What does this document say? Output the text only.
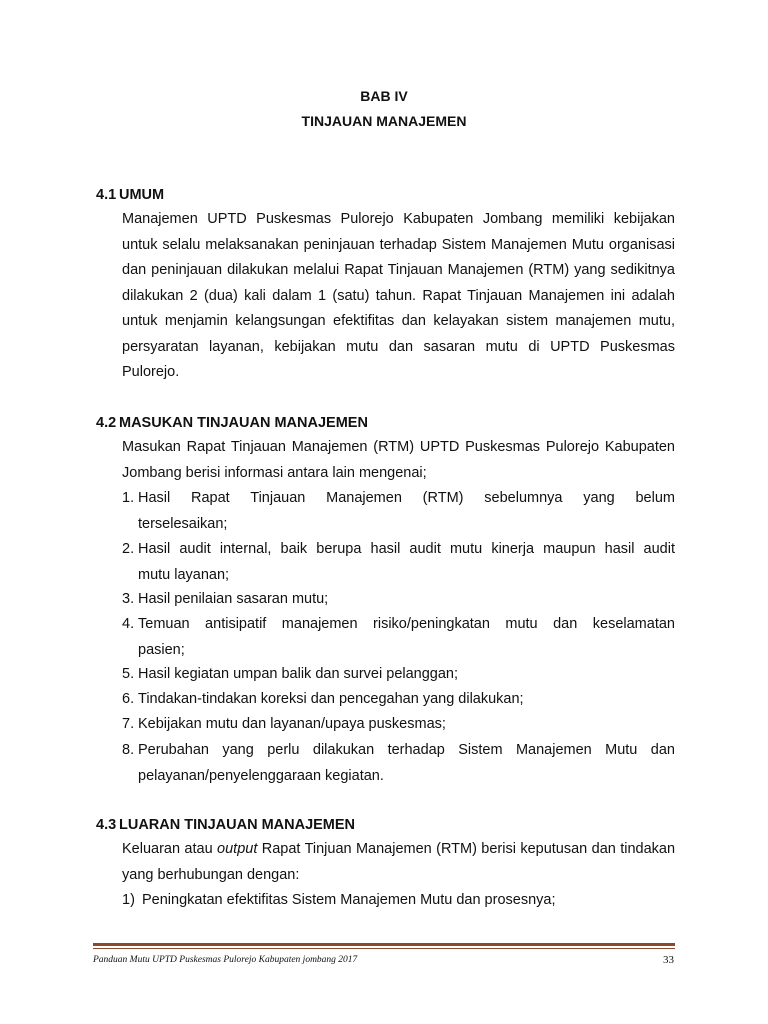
BAB IV
TINJAUAN MANAJEMEN
4.1 UMUM
Manajemen UPTD Puskesmas Pulorejo Kabupaten Jombang memiliki kebijakan untuk selalu melaksanakan peninjauan terhadap Sistem Manajemen Mutu organisasi dan peninjauan dilakukan melalui Rapat Tinjauan Manajemen (RTM) yang sedikitnya dilakukan 2 (dua) kali dalam 1 (satu) tahun. Rapat Tinjauan Manajemen ini adalah untuk menjamin kelangsungan efektifitas dan kelayakan sistem manajemen mutu, persyaratan layanan, kebijakan mutu dan sasaran mutu di UPTD Puskesmas Pulorejo.
4.2 MASUKAN TINJAUAN MANAJEMEN
Masukan Rapat Tinjauan Manajemen (RTM) UPTD Puskesmas Pulorejo Kabupaten Jombang berisi informasi antara lain mengenai;
1. Hasil Rapat Tinjauan Manajemen (RTM) sebelumnya yang belum
terselesaikan;
2. Hasil audit internal, baik berupa hasil audit mutu kinerja maupun hasil audit
mutu layanan;
3. Hasil penilaian sasaran mutu;
4. Temuan antisipatif manajemen risiko/peningkatan mutu dan keselamatan
pasien;
5. Hasil kegiatan umpan balik dan survei pelanggan;
6. Tindakan-tindakan koreksi dan pencegahan yang dilakukan;
7. Kebijakan mutu dan layanan/upaya puskesmas;
8. Perubahan yang perlu dilakukan terhadap Sistem Manajemen Mutu dan
pelayanan/penyelenggaraan kegiatan.
4.3 LUARAN TINJAUAN MANAJEMEN
Keluaran atau output Rapat Tinjuan Manajemen (RTM) berisi keputusan dan tindakan yang berhubungan dengan:
1) Peningkatan efektifitas Sistem Manajemen Mutu dan prosesnya;
Panduan Mutu UPTD Puskesmas Pulorejo Kabupaten jombang 2017	33
